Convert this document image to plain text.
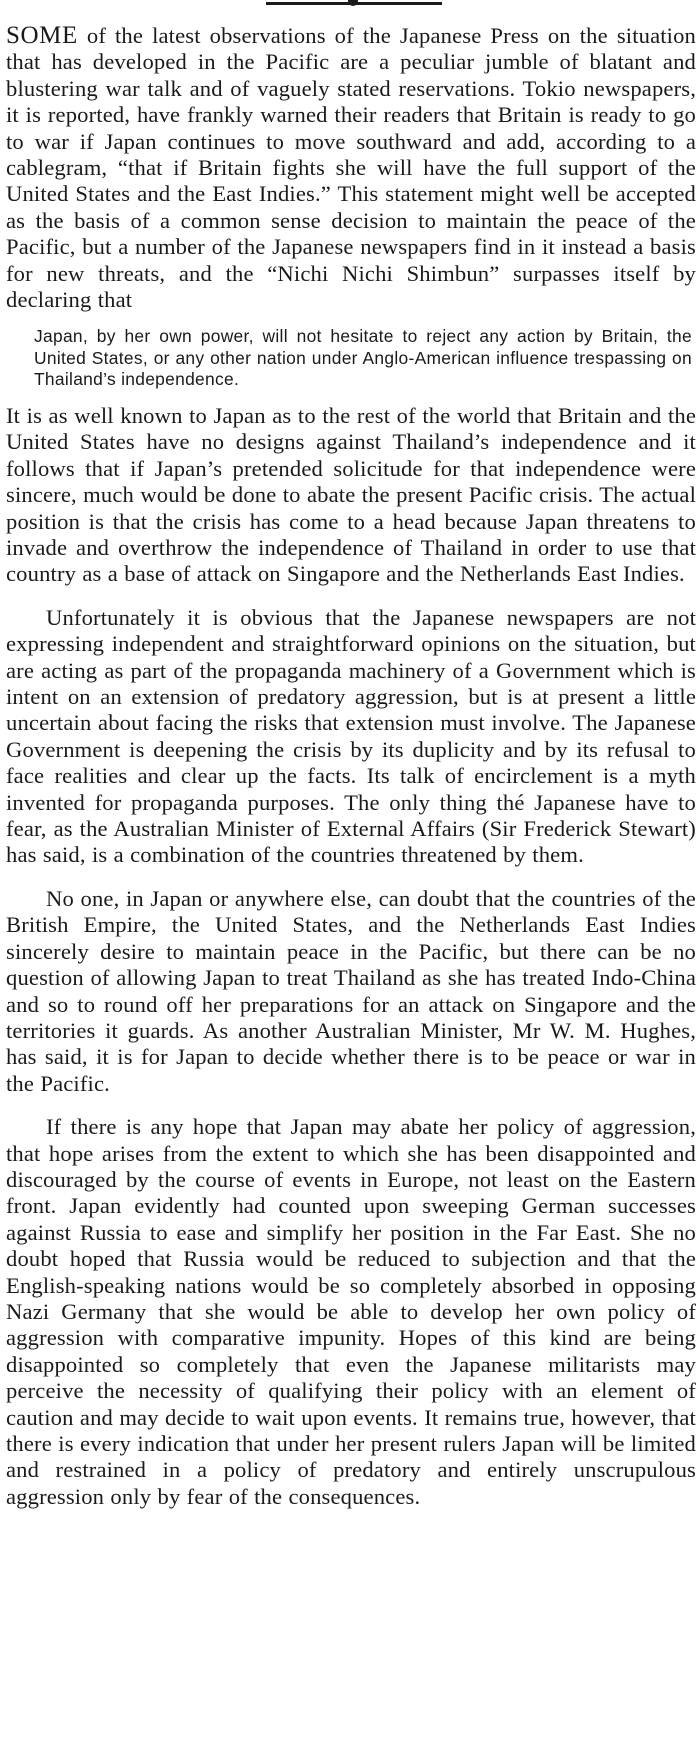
SOME of the latest observations of the Japanese Press on the situation that has developed in the Pacific are a peculiar jumble of blatant and blustering war talk and of vaguely stated reservations. Tokio newspapers, it is reported, have frankly warned their readers that Britain is ready to go to war if Japan continues to move southward and add, according to a cablegram, “that if Britain fights she will have the full support of the United States and the East Indies.” This statement might well be accepted as the basis of a common sense decision to maintain the peace of the Pacific, but a number of the Japanese newspapers find in it instead a basis for new threats, and the “Nichi Nichi Shimbun” surpasses itself by declaring that

Japan, by her own power, will not hesitate to reject any action by Britain, the United States, or any other nation under Anglo-American influence trespassing on Thailand’s independence.

It is as well known to Japan as to the rest of the world that Britain and the United States have no designs against Thailand’s independence and it follows that if Japan’s pretended solicitude for that independence were sincere, much would be done to abate the present Pacific crisis. The actual position is that the crisis has come to a head because Japan threatens to invade and overthrow the independence of Thailand in order to use that country as a base of attack on Singapore and the Netherlands East Indies.

Unfortunately it is obvious that the Japanese newspapers are not expressing independent and straightforward opinions on the situation, but are acting as part of the propaganda machinery of a Government which is intent on an extension of predatory aggression, but is at present a little uncertain about facing the risks that extension must involve. The Japanese Government is deepening the crisis by its duplicity and by its refusal to face realities and clear up the facts. Its talk of encirclement is a myth invented for propaganda purposes. The only thing thé Japanese have to fear, as the Australian Minister of External Affairs (Sir Frederick Stewart) has said, is a combination of the countries threatened by them.

No one, in Japan or anywhere else, can doubt that the countries of the British Empire, the United States, and the Netherlands East Indies sincerely desire to maintain peace in the Pacific, but there can be no question of allowing Japan to treat Thailand as she has treated Indo-China and so to round off her preparations for an attack on Singapore and the territories it guards. As another Australian Minister, Mr W. M. Hughes, has said, it is for Japan to decide whether there is to be peace or war in the Pacific.

If there is any hope that Japan may abate her policy of aggression, that hope arises from the extent to which she has been disappointed and discouraged by the course of events in Europe, not least on the Eastern front. Japan evidently had counted upon sweeping German successes against Russia to ease and simplify her position in the Far East. She no doubt hoped that Russia would be reduced to subjection and that the English-speaking nations would be so completely absorbed in opposing Nazi Germany that she would be able to develop her own policy of aggression with comparative impunity. Hopes of this kind are being disappointed so completely that even the Japanese militarists may perceive the necessity of qualifying their policy with an element of caution and may decide to wait upon events. It remains true, however, that there is every indication that under her present rulers Japan will be limited and restrained in a policy of predatory and entirely unscrupulous aggression only by fear of the consequences.
